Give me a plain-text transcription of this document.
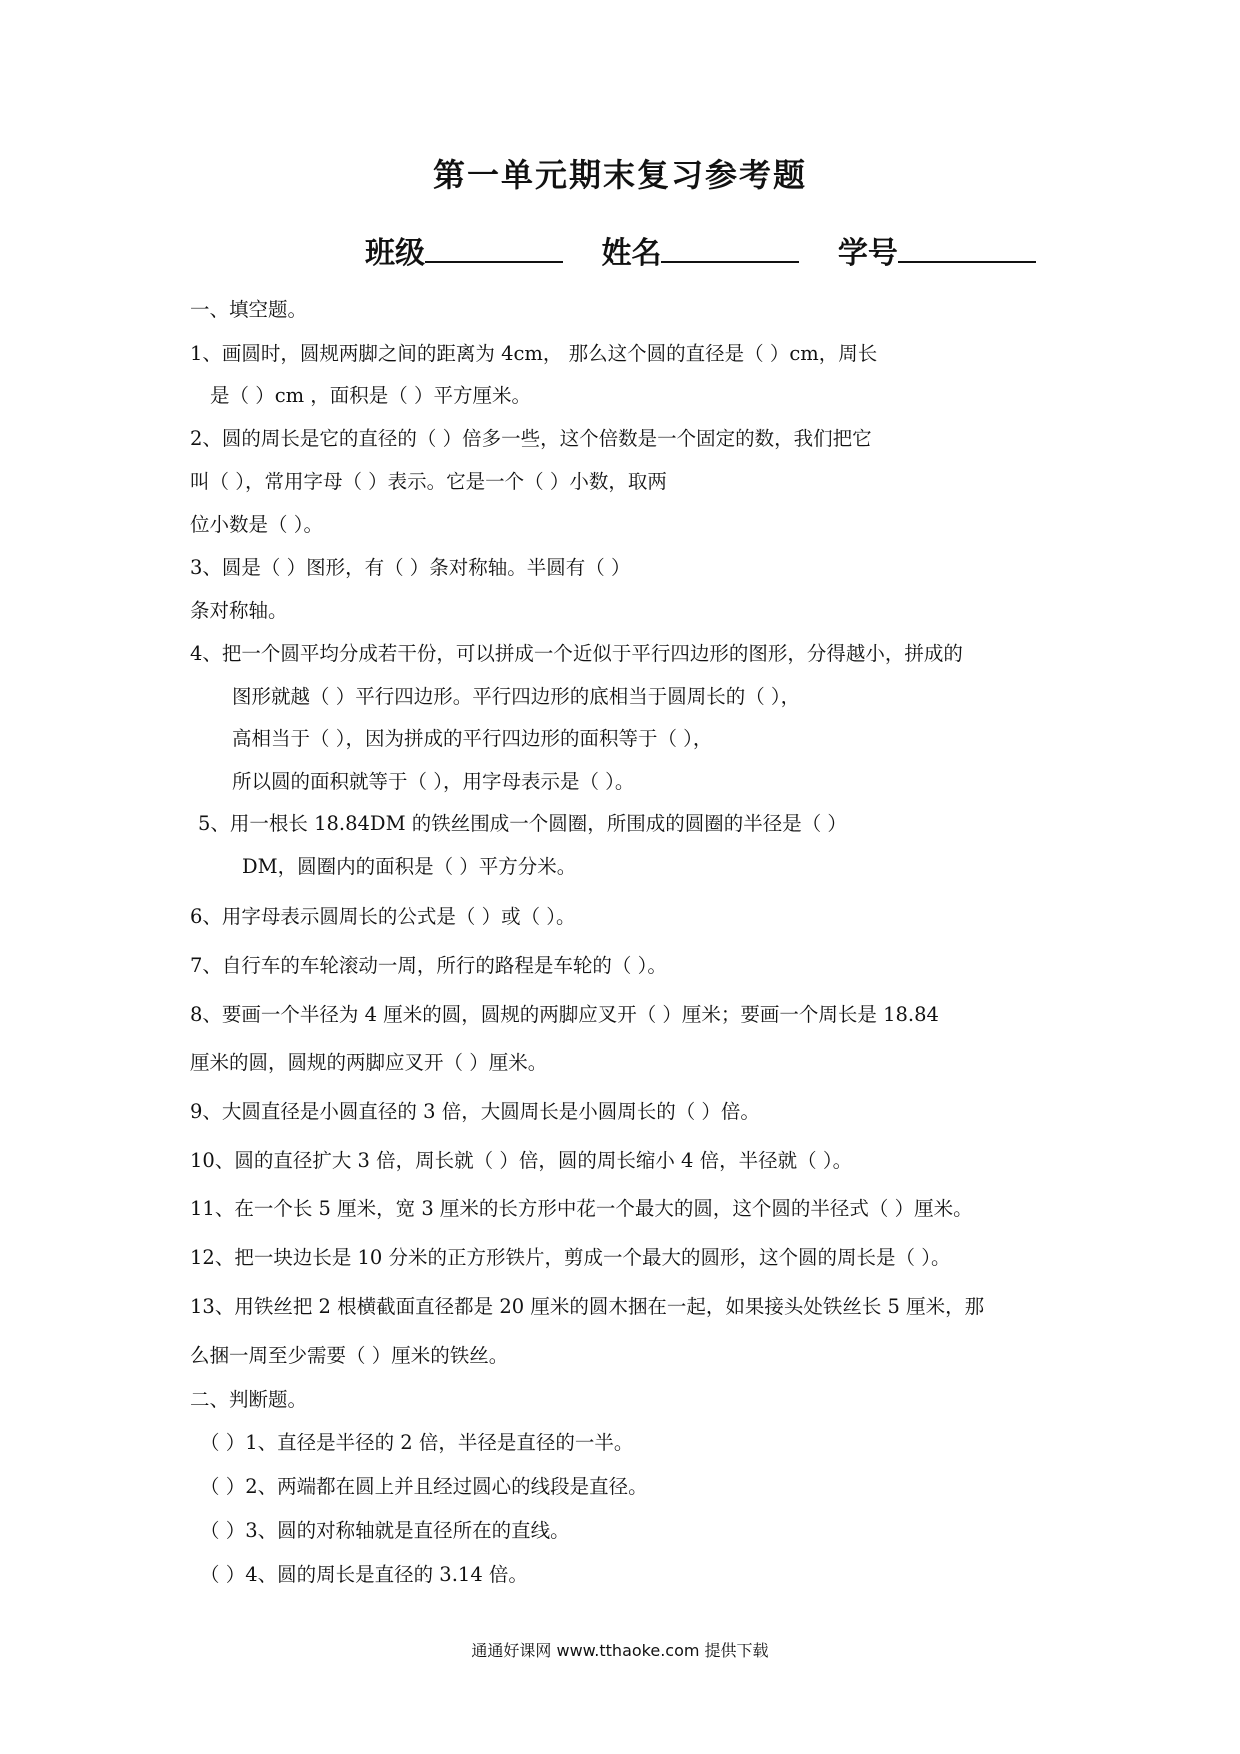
第一单元期末复习参考题
班级	姓名	学号
一、填空题。
1、画圆时，圆规两脚之间的距离为 4cm， 那么这个圆的直径是（ ）cm，周长
是（ ）cm ，面积是（ ）平方厘米。
2、圆的周长是它的直径的（ ）倍多一些，这个倍数是一个固定的数，我们把它
叫（ ），常用字母（ ）表示。它是一个（ ）小数，取两
位小数是（ ）。
3、圆是（ ）图形，有（ ）条对称轴。半圆有（ ）
条对称轴。
4、把一个圆平均分成若干份，可以拼成一个近似于平行四边形的图形，分得越小，拼成的
图形就越（ ）平行四边形。平行四边形的底相当于圆周长的（ ），
高相当于（ ），因为拼成的平行四边形的面积等于（ ），
所以圆的面积就等于（ ），用字母表示是（ ）。
5、用一根长 18.84DM 的铁丝围成一个圆圈，所围成的圆圈的半径是（ ）
DM，圆圈内的面积是（ ）平方分米。
6、用字母表示圆周长的公式是（ ）或（ ）。
7、自行车的车轮滚动一周，所行的路程是车轮的（ ）。
8、要画一个半径为 4 厘米的圆，圆规的两脚应叉开（ ）厘米；要画一个周长是 18.84
厘米的圆，圆规的两脚应叉开（ ）厘米。
9、大圆直径是小圆直径的 3 倍，大圆周长是小圆周长的（ ）倍。
10、圆的直径扩大 3 倍，周长就（ ）倍，圆的周长缩小 4 倍，半径就（ ）。
11、在一个长 5 厘米，宽 3 厘米的长方形中花一个最大的圆，这个圆的半径式（ ）厘米。
12、把一块边长是 10 分米的正方形铁片，剪成一个最大的圆形，这个圆的周长是（ ）。
13、用铁丝把 2 根横截面直径都是 20 厘米的圆木捆在一起，如果接头处铁丝长 5 厘米，那
么捆一周至少需要（ ）厘米的铁丝。
二、判断题。
（ ）1、直径是半径的 2 倍，半径是直径的一半。
（ ）2、两端都在圆上并且经过圆心的线段是直径。
（ ）3、圆的对称轴就是直径所在的直线。
（ ）4、圆的周长是直径的 3.14 倍。
通通好课网 www.tthaoke.com 提供下载
